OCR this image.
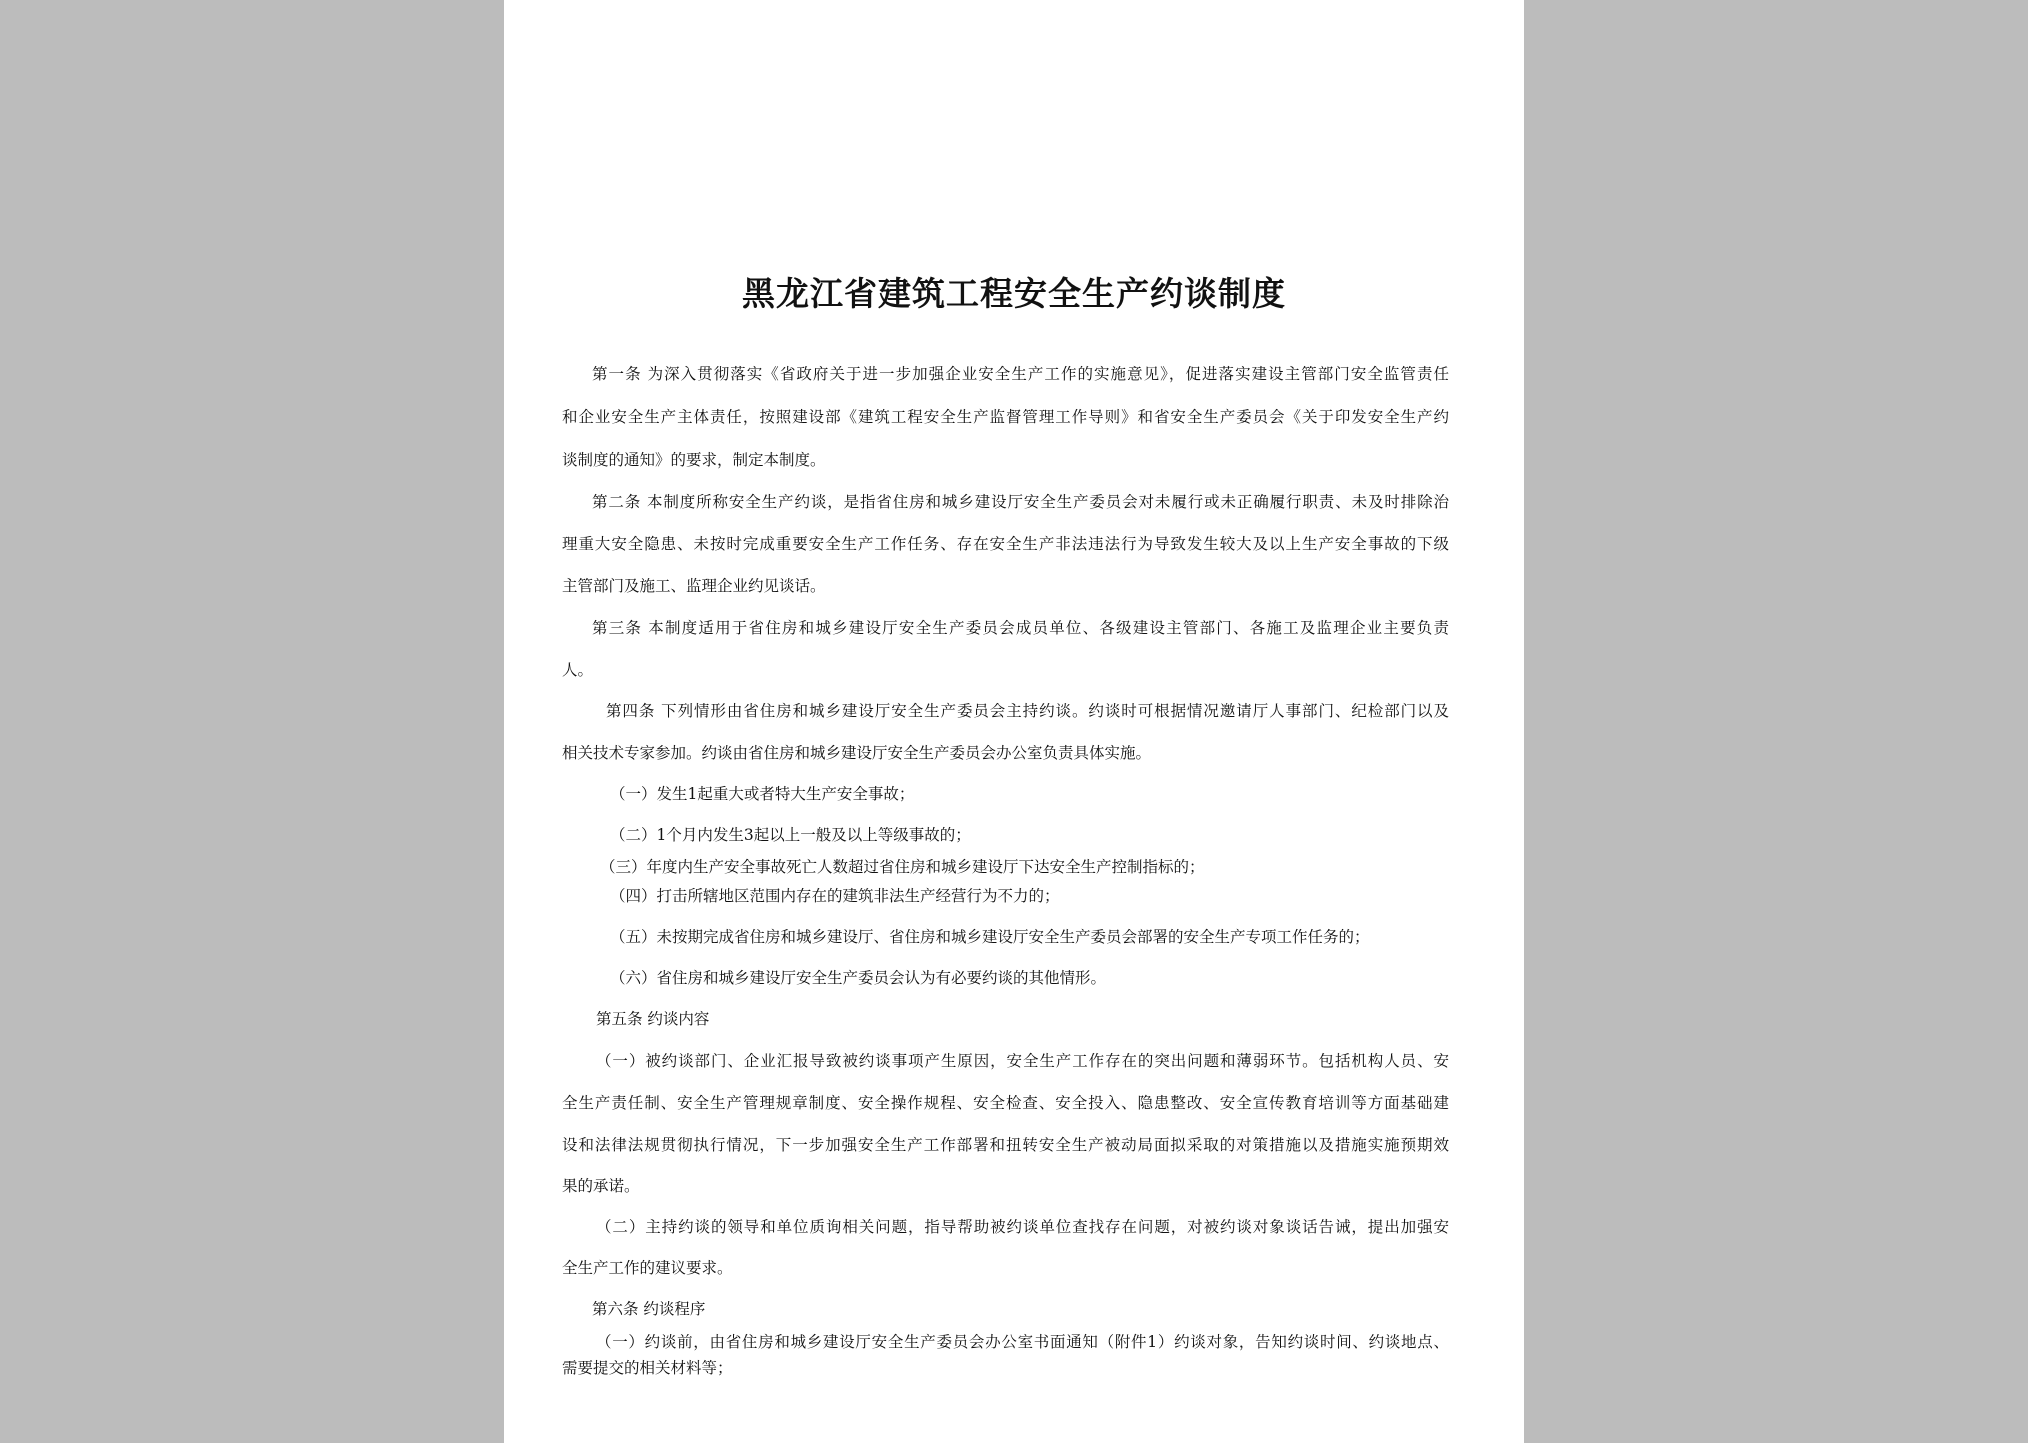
黑龙江省建筑工程安全生产约谈制度

第一条 为深入贯彻落实《省政府关于进一步加强企业安全生产工作的实施意见》，促进落实建设主管部门安全监管责任

和企业安全生产主体责任，按照建设部《建筑工程安全生产监督管理工作导则》和省安全生产委员会《关于印发安全生产约

谈制度的通知》的要求，制定本制度。

第二条 本制度所称安全生产约谈，是指省住房和城乡建设厅安全生产委员会对未履行或未正确履行职责、未及时排除治

理重大安全隐患、未按时完成重要安全生产工作任务、存在安全生产非法违法行为导致发生较大及以上生产安全事故的下级

主管部门及施工、监理企业约见谈话。

第三条 本制度适用于省住房和城乡建设厅安全生产委员会成员单位、各级建设主管部门、各施工及监理企业主要负责

人。

第四条 下列情形由省住房和城乡建设厅安全生产委员会主持约谈。约谈时可根据情况邀请厅人事部门、纪检部门以及

相关技术专家参加。约谈由省住房和城乡建设厅安全生产委员会办公室负责具体实施。

（一）发生1起重大或者特大生产安全事故；

（二）1个月内发生3起以上一般及以上等级事故的；

（三）年度内生产安全事故死亡人数超过省住房和城乡建设厅下达安全生产控制指标的；

（四）打击所辖地区范围内存在的建筑非法生产经营行为不力的；

（五）未按期完成省住房和城乡建设厅、省住房和城乡建设厅安全生产委员会部署的安全生产专项工作任务的；

（六）省住房和城乡建设厅安全生产委员会认为有必要约谈的其他情形。

第五条 约谈内容

（一）被约谈部门、企业汇报导致被约谈事项产生原因，安全生产工作存在的突出问题和薄弱环节。包括机构人员、安

全生产责任制、安全生产管理规章制度、安全操作规程、安全检查、安全投入、隐患整改、安全宣传教育培训等方面基础建

设和法律法规贯彻执行情况，下一步加强安全生产工作部署和扭转安全生产被动局面拟采取的对策措施以及措施实施预期效

果的承诺。

（二）主持约谈的领导和单位质询相关问题，指导帮助被约谈单位查找存在问题，对被约谈对象谈话告诫，提出加强安

全生产工作的建议要求。

第六条 约谈程序

（一）约谈前，由省住房和城乡建设厅安全生产委员会办公室书面通知（附件1）约谈对象，告知约谈时间、约谈地点、

需要提交的相关材料等；
